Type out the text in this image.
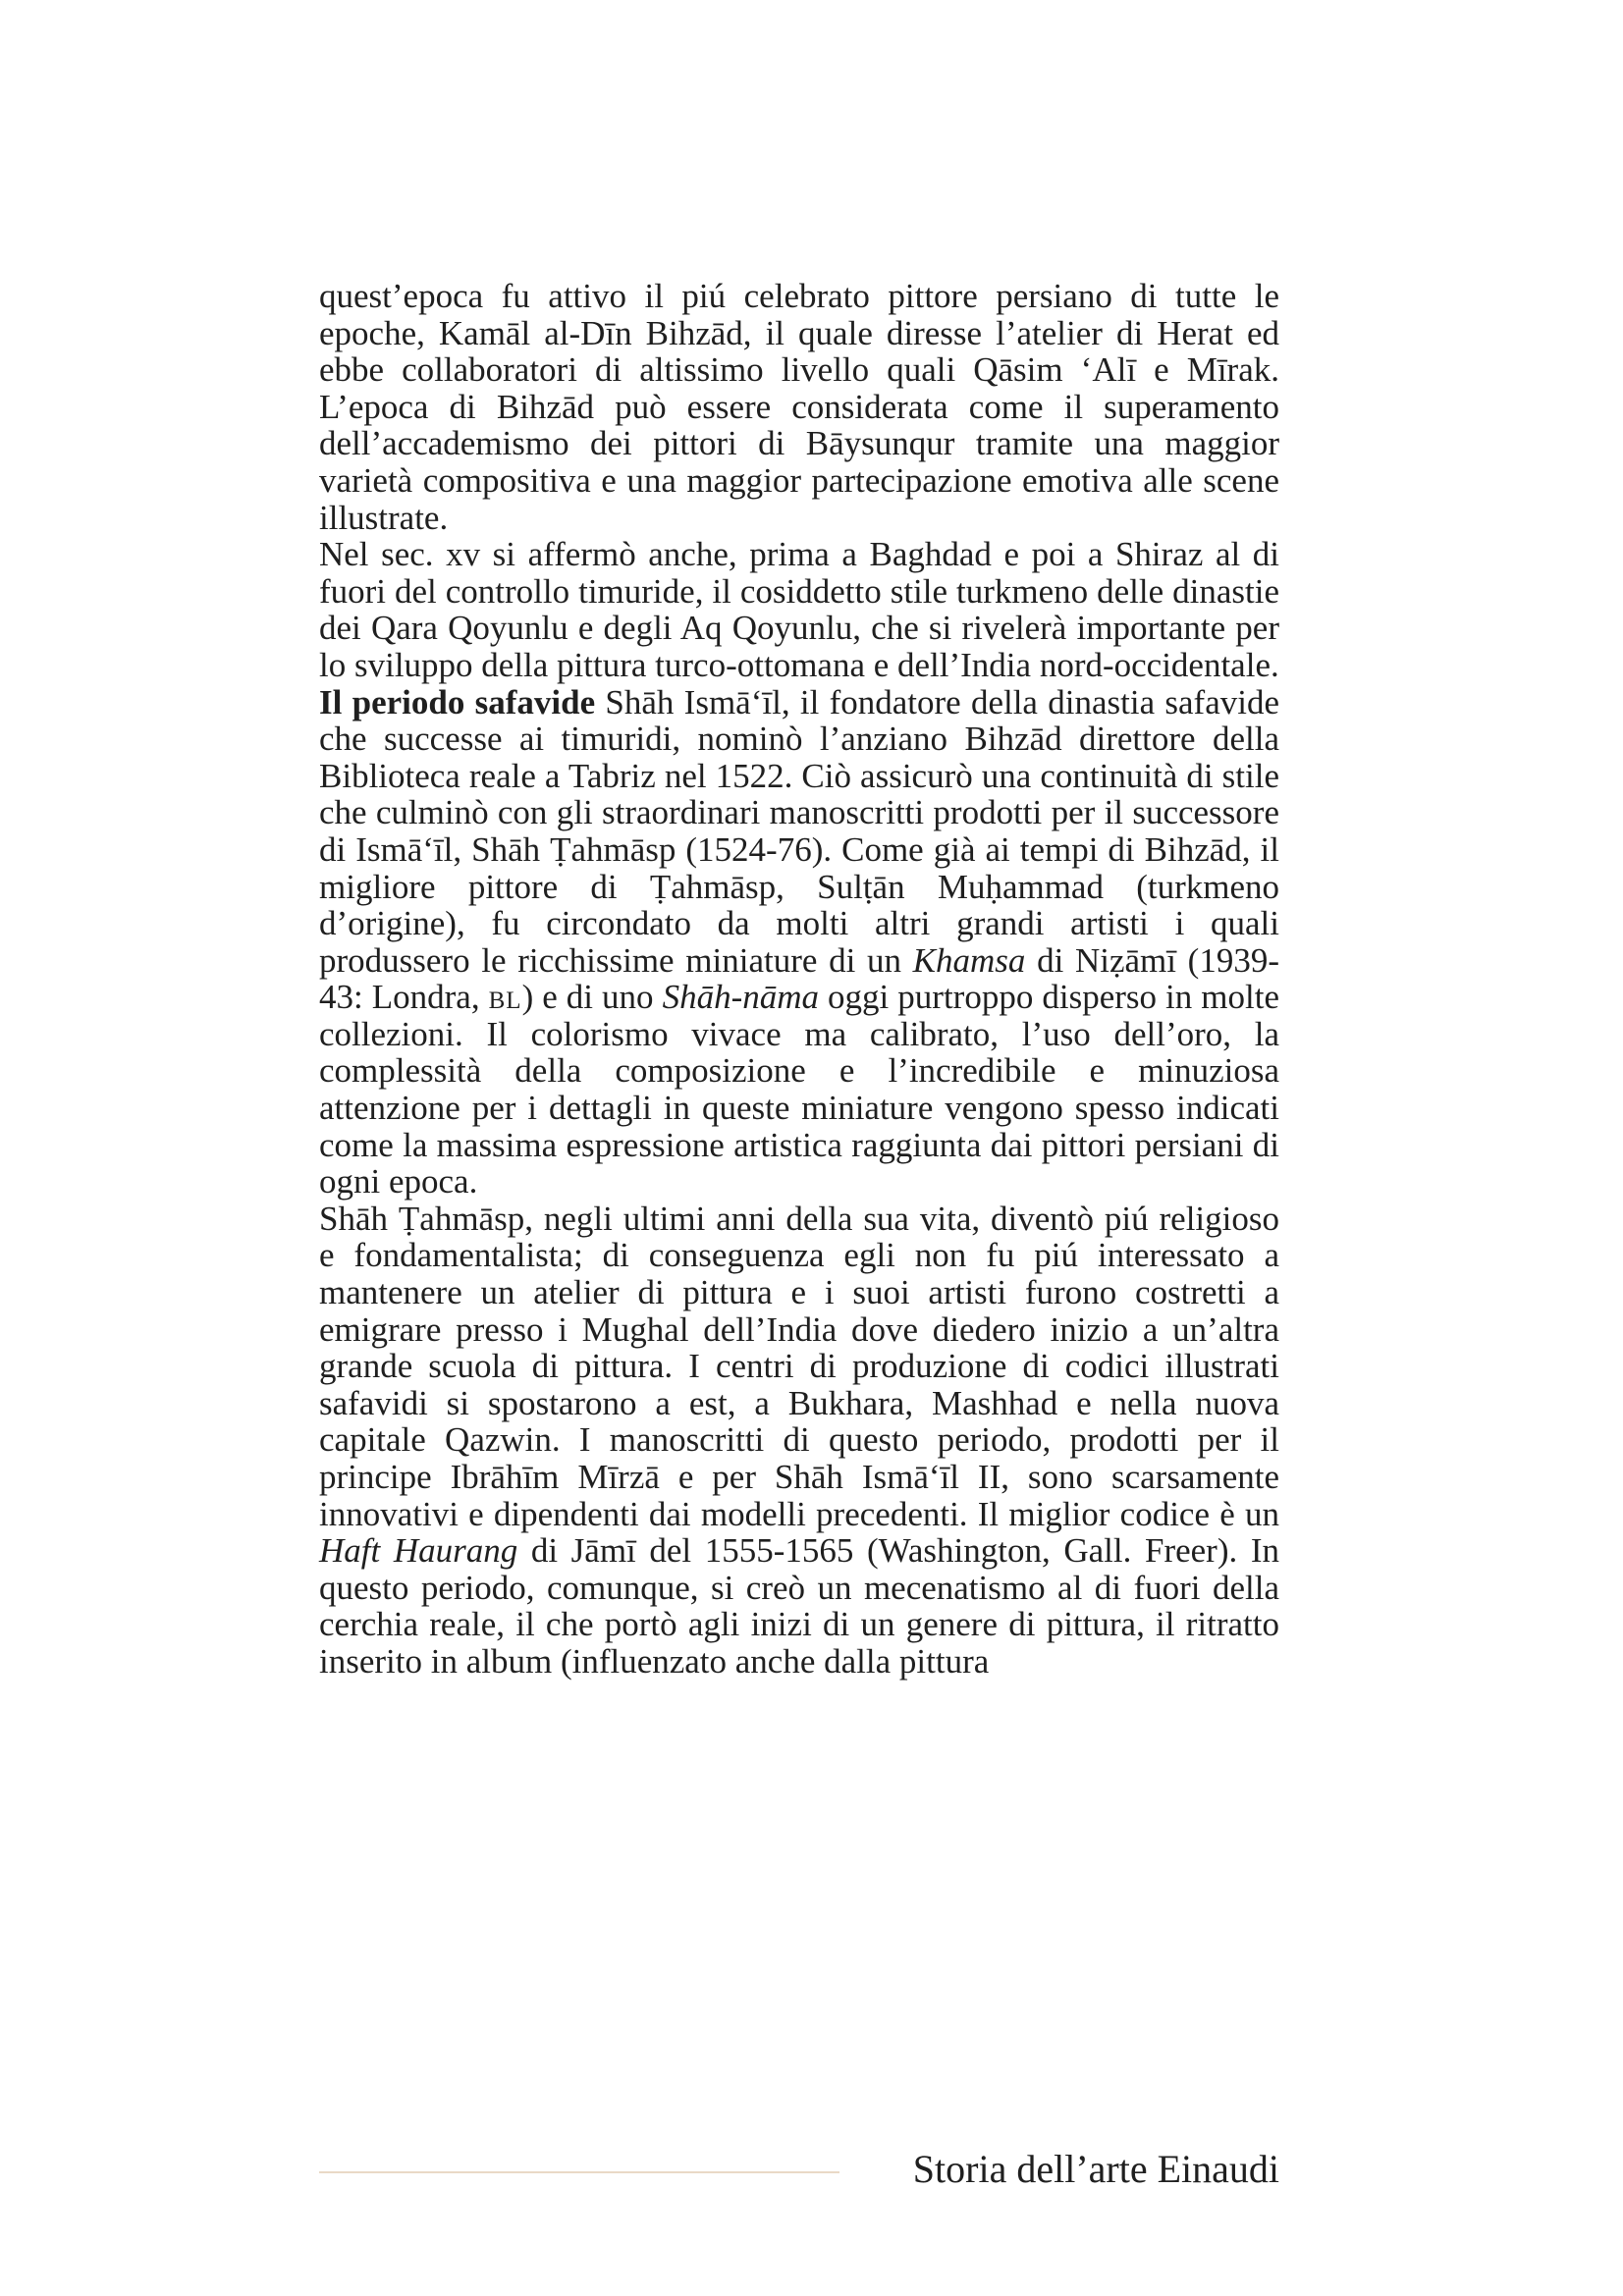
quest’epoca fu attivo il piú celebrato pittore persiano di tutte le epoche, Kamāl al-Dīn Bihzād, il quale diresse l’atelier di Herat ed ebbe collaboratori di altissimo livello quali Qāsim ‘Alī e Mīrak. L’epoca di Bihzād può essere considerata come il superamento dell’accademismo dei pittori di Bāysunqur tramite una maggior varietà compositiva e una maggior partecipazione emotiva alle scene illustrate.

Nel sec. xv si affermò anche, prima a Baghdad e poi a Shiraz al di fuori del controllo timuride, il cosiddetto stile turkmeno delle dinastie dei Qara Qoyunlu e degli Aq Qoyunlu, che si rivelerà importante per lo sviluppo della pittura turco-ottomana e dell’India nord-occidentale.

Il periodo safavide Shāh Ismā‘īl, il fondatore della dinastia safavide che successe ai timuridi, nominò l’anziano Bihzād direttore della Biblioteca reale a Tabriz nel 1522. Ciò assicurò una continuità di stile che culminò con gli straordinari manoscritti prodotti per il successore di Ismā‘īl, Shāh Ṭahmāsp (1524-76). Come già ai tempi di Bihzād, il migliore pittore di Ṭahmāsp, Sulṭān Muḥammad (turkmeno d’origine), fu circondato da molti altri grandi artisti i quali produssero le ricchissime miniature di un Khamsa di Niẓāmī (1939-43: Londra, bl) e di uno Shāh-nāma oggi purtroppo disperso in molte collezioni. Il colorismo vivace ma calibrato, l’uso dell’oro, la complessità della composizione e l’incredibile e minuziosa attenzione per i dettagli in queste miniature vengono spesso indicati come la massima espressione artistica raggiunta dai pittori persiani di ogni epoca.

Shāh Ṭahmāsp, negli ultimi anni della sua vita, diventò piú religioso e fondamentalista; di conseguenza egli non fu piú interessato a mantenere un atelier di pittura e i suoi artisti furono costretti a emigrare presso i Mughal dell’India dove diedero inizio a un’altra grande scuola di pittura. I centri di produzione di codici illustrati safavidi si spostarono a est, a Bukhara, Mashhad e nella nuova capitale Qazwin. I manoscritti di questo periodo, prodotti per il principe Ibrāhīm Mīrzā e per Shāh Ismā‘īl II, sono scarsamente innovativi e dipendenti dai modelli precedenti. Il miglior codice è un Haft Haurang di Jāmī del 1555-1565 (Washington, Gall. Freer). In questo periodo, comunque, si creò un mecenatismo al di fuori della cerchia reale, il che portò agli inizi di un genere di pittura, il ritratto inserito in album (influenzato anche dalla pittura

Storia dell’arte Einaudi
